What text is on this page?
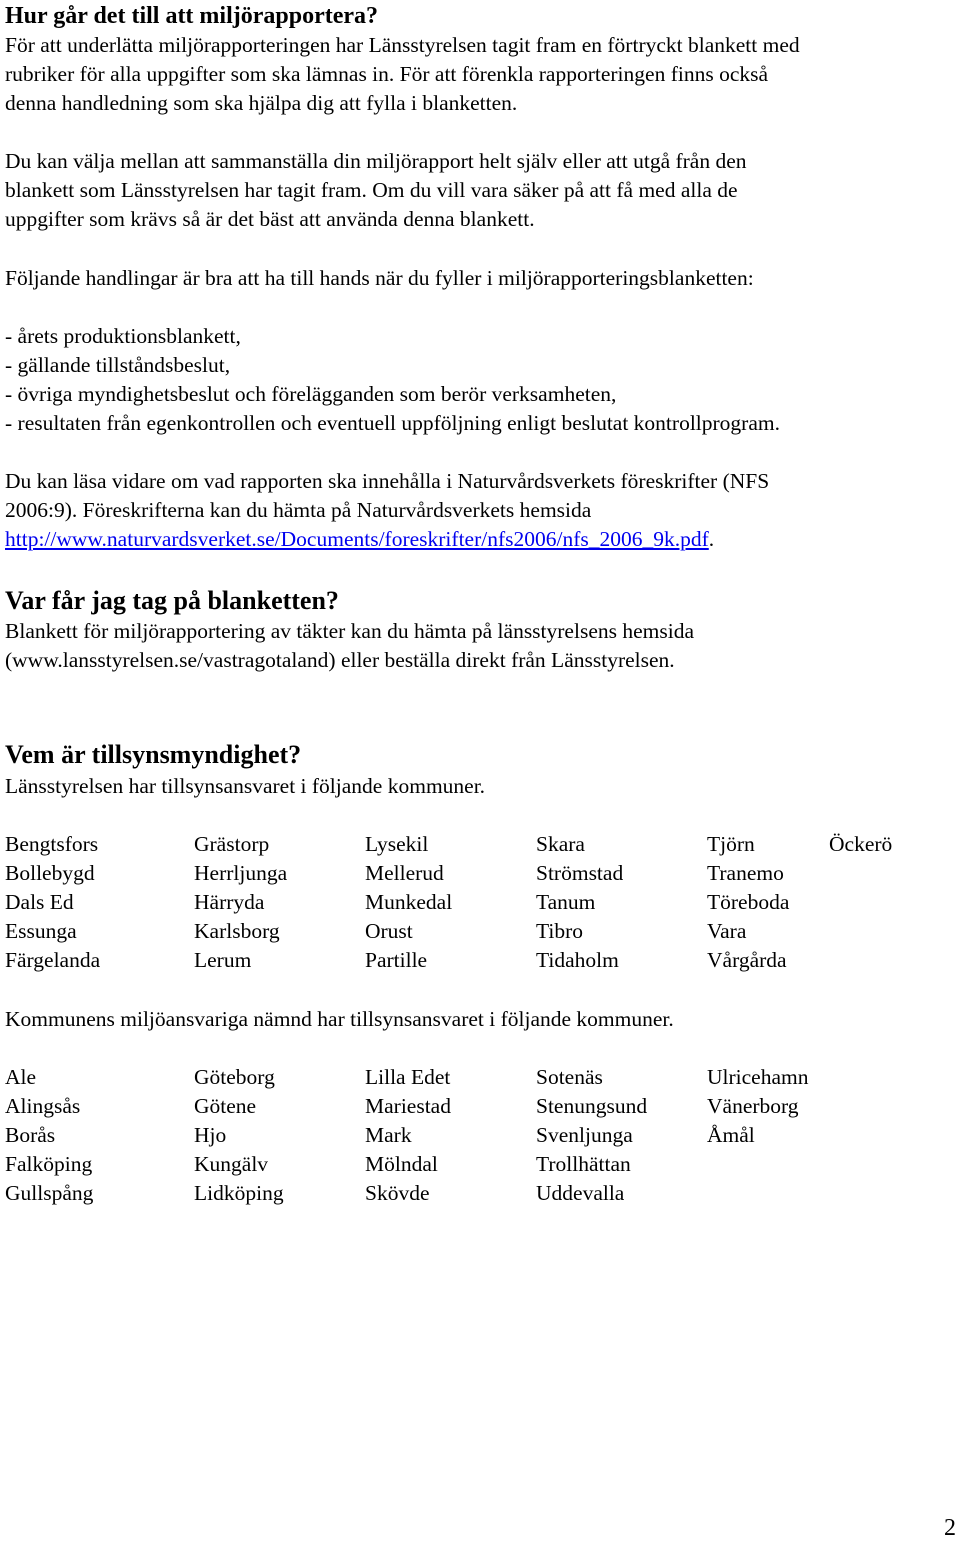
Hur går det till att miljörapportera?
För att underlätta miljörapporteringen har Länsstyrelsen tagit fram en förtryckt blankett med
rubriker för alla uppgifter som ska lämnas in. För att förenkla rapporteringen finns också
denna handledning som ska hjälpa dig att fylla i blanketten.
Du kan välja mellan att sammanställa din miljörapport helt själv eller att utgå från den
blankett som Länsstyrelsen har tagit fram. Om du vill vara säker på att få med alla de
uppgifter som krävs så är det bäst att använda denna blankett.
Följande handlingar är bra att ha till hands när du fyller i miljörapporteringsblanketten:
- årets produktionsblankett,
- gällande tillståndsbeslut,
- övriga myndighetsbeslut och förelägganden som berör verksamheten,
- resultaten från egenkontrollen och eventuell uppföljning enligt beslutat kontrollprogram.
Du kan läsa vidare om vad rapporten ska innehålla i Naturvårdsverkets föreskrifter (NFS
2006:9). Föreskrifterna kan du hämta på Naturvårdsverkets hemsida
http://www.naturvardsverket.se/Documents/foreskrifter/nfs2006/nfs_2006_9k.pdf.
Var får jag tag på blanketten?
Blankett för miljörapportering av täkter kan du hämta på länsstyrelsens hemsida
(www.lansstyrelsen.se/vastragotaland) eller beställa direkt från Länsstyrelsen.
Vem är tillsynsmyndighet?
Länsstyrelsen har tillsynsansvaret i följande kommuner.
Bengtsfors	Grästorp	Lysekil	Skara	Tjörn	Öckerö
Bollebygd	Herrljunga	Mellerud	Strömstad	Tranemo
Dals Ed	Härryda	Munkedal	Tanum	Töreboda
Essunga	Karlsborg	Orust	Tibro	Vara
Färgelanda	Lerum	Partille	Tidaholm	Vårgårda
Kommunens miljöansvariga nämnd har tillsynsansvaret i följande kommuner.
Ale	Göteborg	Lilla Edet	Sotenäs	Ulricehamn
Alingsås	Götene	Mariestad	Stenungsund	Vänerborg
Borås	Hjo	Mark	Svenljunga	Åmål
Falköping	Kungälv	Mölndal	Trollhättan
Gullspång	Lidköping	Skövde	Uddevalla
2
